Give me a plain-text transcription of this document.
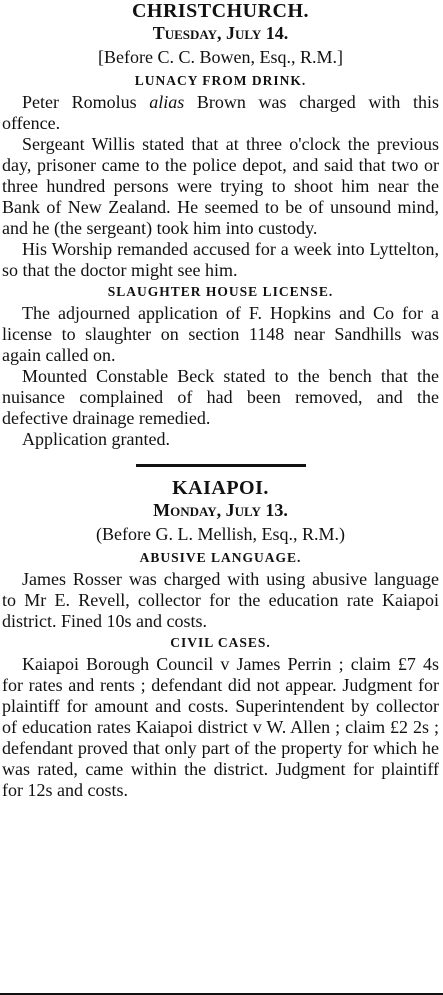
CHRISTCHURCH.
Tuesday, July 14.
[Before C. C. Bowen, Esq., R.M.]
LUNACY FROM DRINK.

Peter Romolus alias Brown was charged with this offence.

Sergeant Willis stated that at three o'clock the previous day, prisoner came to the police depot, and said that two or three hundred persons were trying to shoot him near the Bank of New Zealand. He seemed to be of unsound mind, and he (the sergeant) took him into custody.

His Worship remanded accused for a week into Lyttelton, so that the doctor might see him.

SLAUGHTER HOUSE LICENSE.

The adjourned application of F. Hopkins and Co for a license to slaughter on section 1148 near Sandhills was again called on.

Mounted Constable Beck stated to the bench that the nuisance complained of had been removed, and the defective drainage remedied.

Application granted.

KAIAPOI.
Monday, July 13.
(Before G. L. Mellish, Esq., R.M.)
ABUSIVE LANGUAGE.

James Rosser was charged with using abusive language to Mr E. Revell, collector for the education rate Kaiapoi district. Fined 10s and costs.

CIVIL CASES.

Kaiapoi Borough Council v James Perrin ; claim £7 4s for rates and rents ; defendant did not appear. Judgment for plaintiff for amount and costs. Superintendent by collector of education rates Kaiapoi district v W. Allen ; claim £2 2s ; defendant proved that only part of the property for which he was rated, came within the district. Judgment for plaintiff for 12s and costs.
